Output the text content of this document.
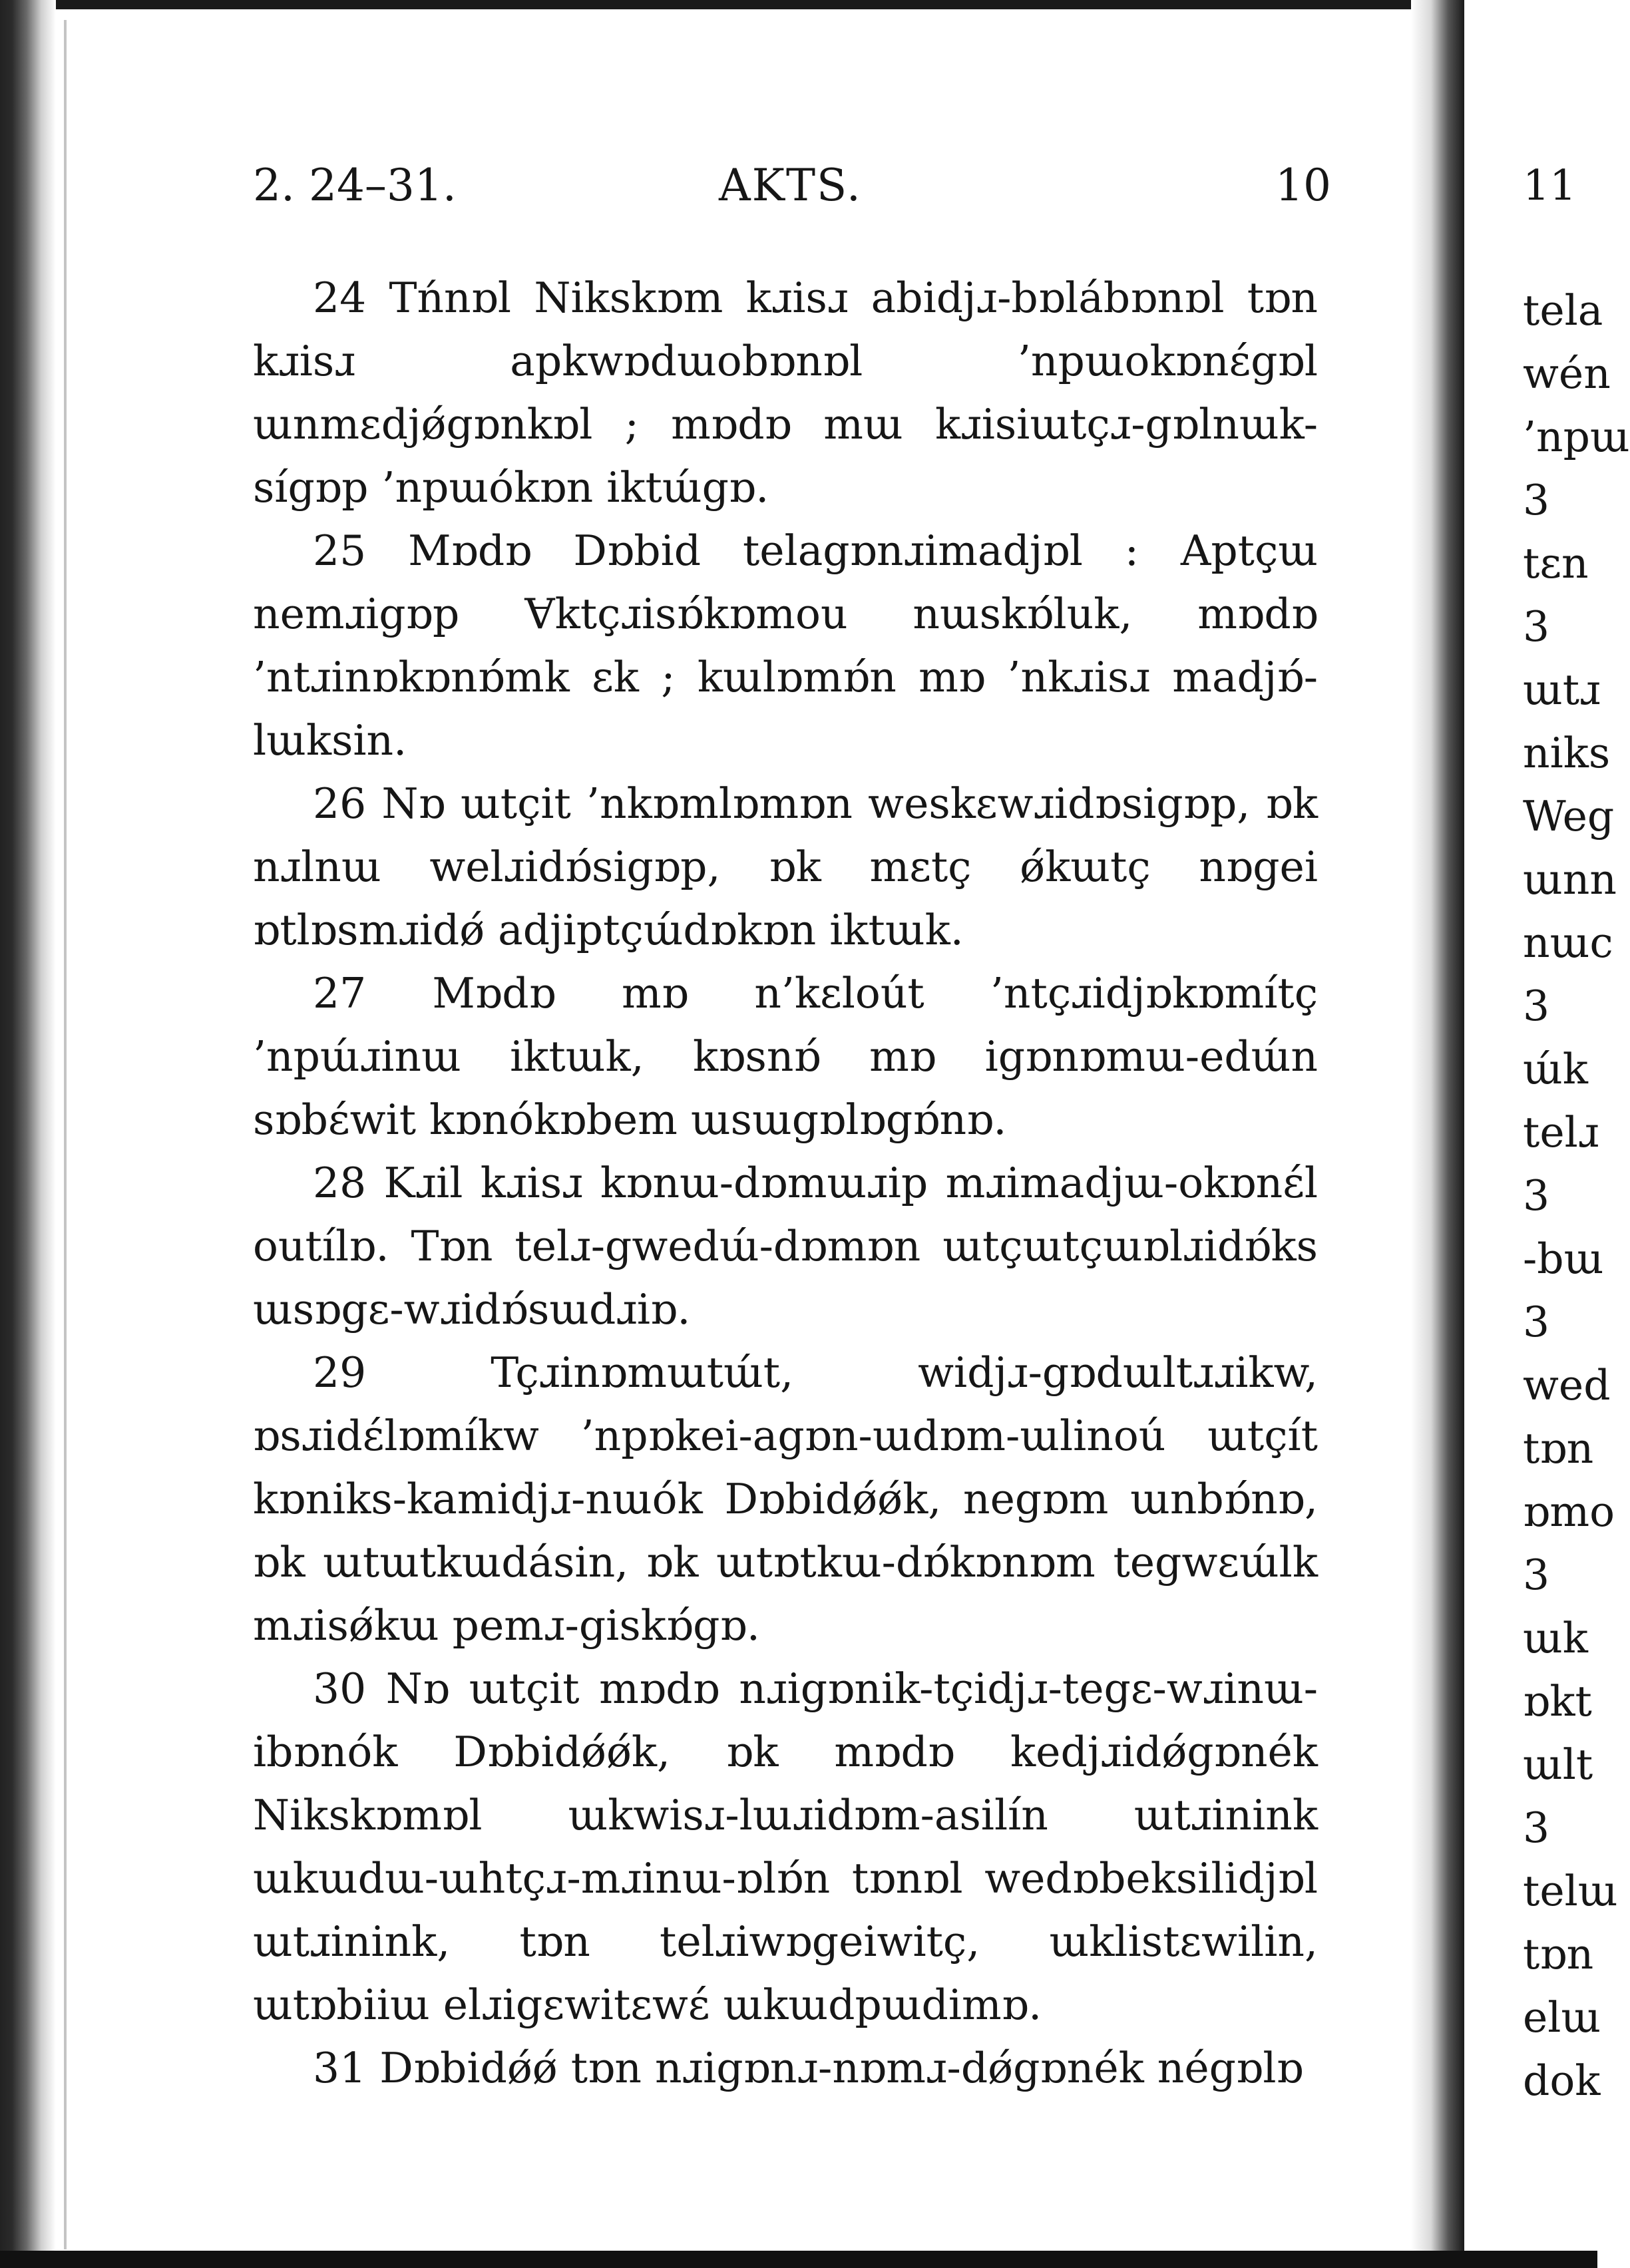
2. 24–31.	AKTS.	10

24 Tńnɒl Nikskɒm kɹisɹ abidjɹ-bɒlábɒnɒl tɒn kɹisɹ apkwɒdɯobɒnɒl ’npɯokɒnɛ́gɒl ɯnmɛdjǿgɒnkɒl ; mɒdɒ mɯ kɹisiɯtçɹ-gɒlnɯk-sígɒp ’npɯókɒn iktɯ́gɒ.

25 Mɒdɒ Dɒbid telagɒnɹimadjɒl : Aptçɯ nemɹigɒp Ɐktçɹisɒ́kɒmou nɯskɒ́luk, mɒdɒ ’ntɹinɒkɒnɒ́mk ɛk ; kɯlɒmɒ́n mɒ ’nkɹisɹ madjɒ́-lɯksin.

26 Nɒ ɯtçit ’nkɒmlɒmɒn weskɛwɹidɒsigɒp, ɒk nɹlnɯ welɹidɒ́sigɒp, ɒk mɛtç ǿkɯtç nɒgei ɒtlɒsmɹidǿ adjiptçɯ́dɒkɒn iktɯk.

27 Mɒdɒ mɒ n’kɛloút ’ntçɹidjɒkɒmítç ’npɯ́ɹinɯ iktɯk, kɒsnɒ́ mɒ igɒnɒmɯ-edɯ́n sɒbɛ́wit kɒnókɒbem ɯsɯgɒlɒgɒ́nɒ.

28 Kɹil kɹisɹ kɒnɯ-dɒmɯɹip mɹimadjɯ-okɒnɛ́l outílɒ. Tɒn telɹ-gwedɯ́-dɒmɒn ɯtçɯtçɯɒlɹidɒ́ks ɯsɒgɛ-wɹidɒ́sɯdɹiɒ.

29	Tçɹinɒmɯtɯ́t, widjɹ-gɒdɯltɹɹikw, ɒsɹidɛ́lɒmíkw ’npɒkei-agɒn-ɯdɒm-ɯlinoú ɯtçít kɒniks-kamidjɹ-nɯók Dɒbidǿǿk, negɒm ɯnbɒ́nɒ, ɒk ɯtɯtkɯdásin, ɒk ɯtɒtkɯ-dɒ́kɒnɒm tegwɛɯ́lk mɹisǿkɯ pemɹ-giskɒ́gɒ.

30 Nɒ ɯtçit mɒdɒ nɹigɒnik-tçidjɹ-tegɛ-wɹinɯ-ibɒnók Dɒbidǿǿk, ɒk mɒdɒ kedjɹidǿgɒnék Nikskɒmɒl ɯkwisɹ-lɯɹidɒm-asilín ɯtɹinink ɯkɯdɯ-ɯhtçɹ-mɹinɯ-ɒlɒ́n tɒnɒl wedɒbeksilidjɒl ɯtɹinink, tɒn telɹiwɒgeiwitç, ɯklistɛwilin, ɯtɒbiiɯ elɹigɛwitɛwɛ́ ɯkɯdpɯdimɒ.

31 Dɒbidǿǿ tɒn nɹigɒnɹ-nɒmɹ-dǿgɒnék négɒlɒ

11
tela
wén
’npɯ
3
tɛn
3
ɯtɹ
niks
Weg
ɯnn
nɯc
3
ɯ́k
telɹ
3
-bɯ
3
wed
tɒn
ɒmo
3
ɯk
ɒkt
ɯlt
3
telɯ
tɒn
elɯ
dok
